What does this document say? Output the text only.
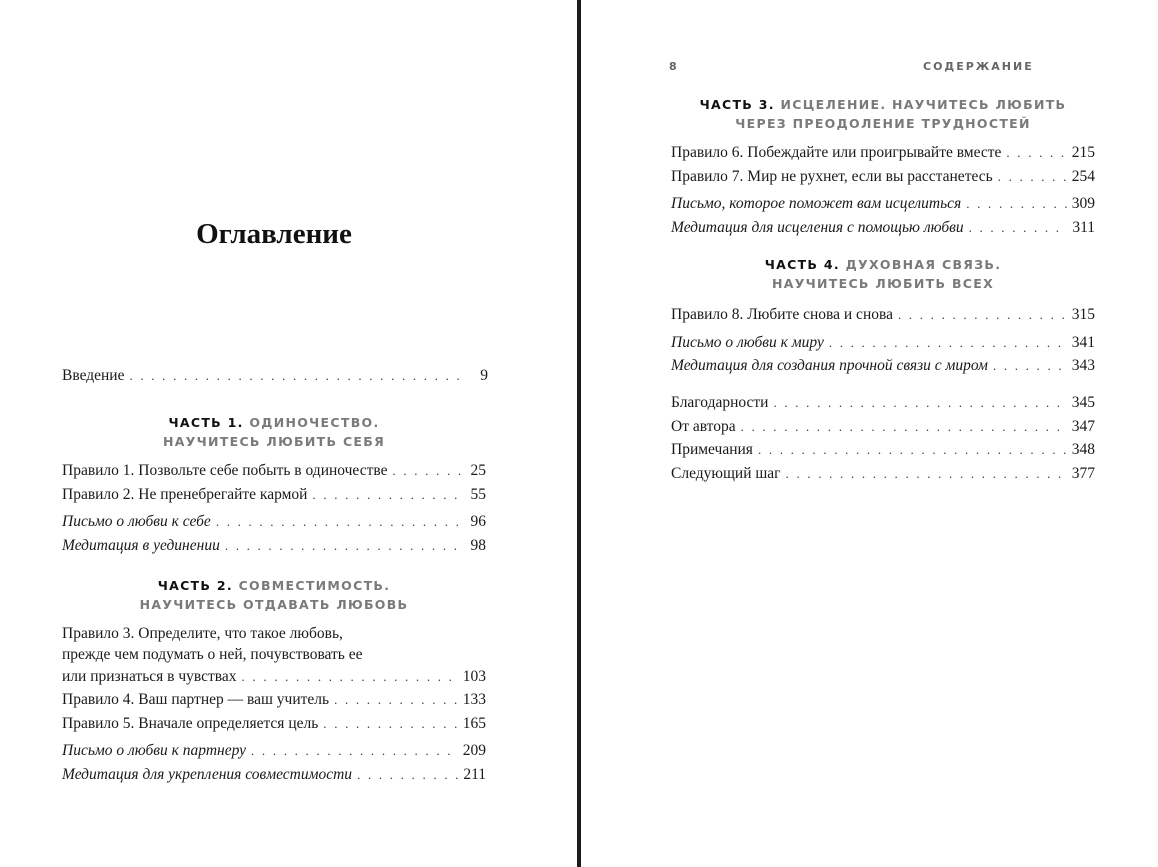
Оглавление
Введение . . .	9
ЧАСТЬ 1. ОДИНОЧЕСТВО.
НАУЧИТЕСЬ ЛЮБИТЬ СЕБЯ
Правило 1. Позвольте себе побыть в одиночестве . . .	25
Правило 2. Не пренебрегайте кармой . . .	55
Письмо о любви к себе . . .	96
Медитация в уединении . . .	98
ЧАСТЬ 2. СОВМЕСТИМОСТЬ.
НАУЧИТЕСЬ ОТДАВАТЬ ЛЮБОВЬ
Правило 3. Определите, что такое любовь,
прежде чем подумать о ней, почувствовать ее
или признаться в чувствах . . .	103
Правило 4. Ваш партнер — ваш учитель . . .	133
Правило 5. Вначале определяется цель . . .	165
Письмо о любви к партнеру . . .	209
Медитация для укрепления совместимости . . .	211
8	СОДЕРЖАНИЕ
ЧАСТЬ 3. ИСЦЕЛЕНИЕ. НАУЧИТЕСЬ ЛЮБИТЬ
ЧЕРЕЗ ПРЕОДОЛЕНИЕ ТРУДНОСТЕЙ
Правило 6. Побеждайте или проигрывайте вместе . . .	215
Правило 7. Мир не рухнет, если вы расстанетесь . . .	254
Письмо, которое поможет вам исцелиться . . .	309
Медитация для исцеления с помощью любви . . .	311
ЧАСТЬ 4. ДУХОВНАЯ СВЯЗЬ.
НАУЧИТЕСЬ ЛЮБИТЬ ВСЕХ
Правило 8. Любите снова и снова . . .	315
Письмо о любви к миру . . .	341
Медитация для создания прочной связи с миром . . .	343
Благодарности . . .	345
От автора . . .	347
Примечания . . .	348
Следующий шаг . . .	377
